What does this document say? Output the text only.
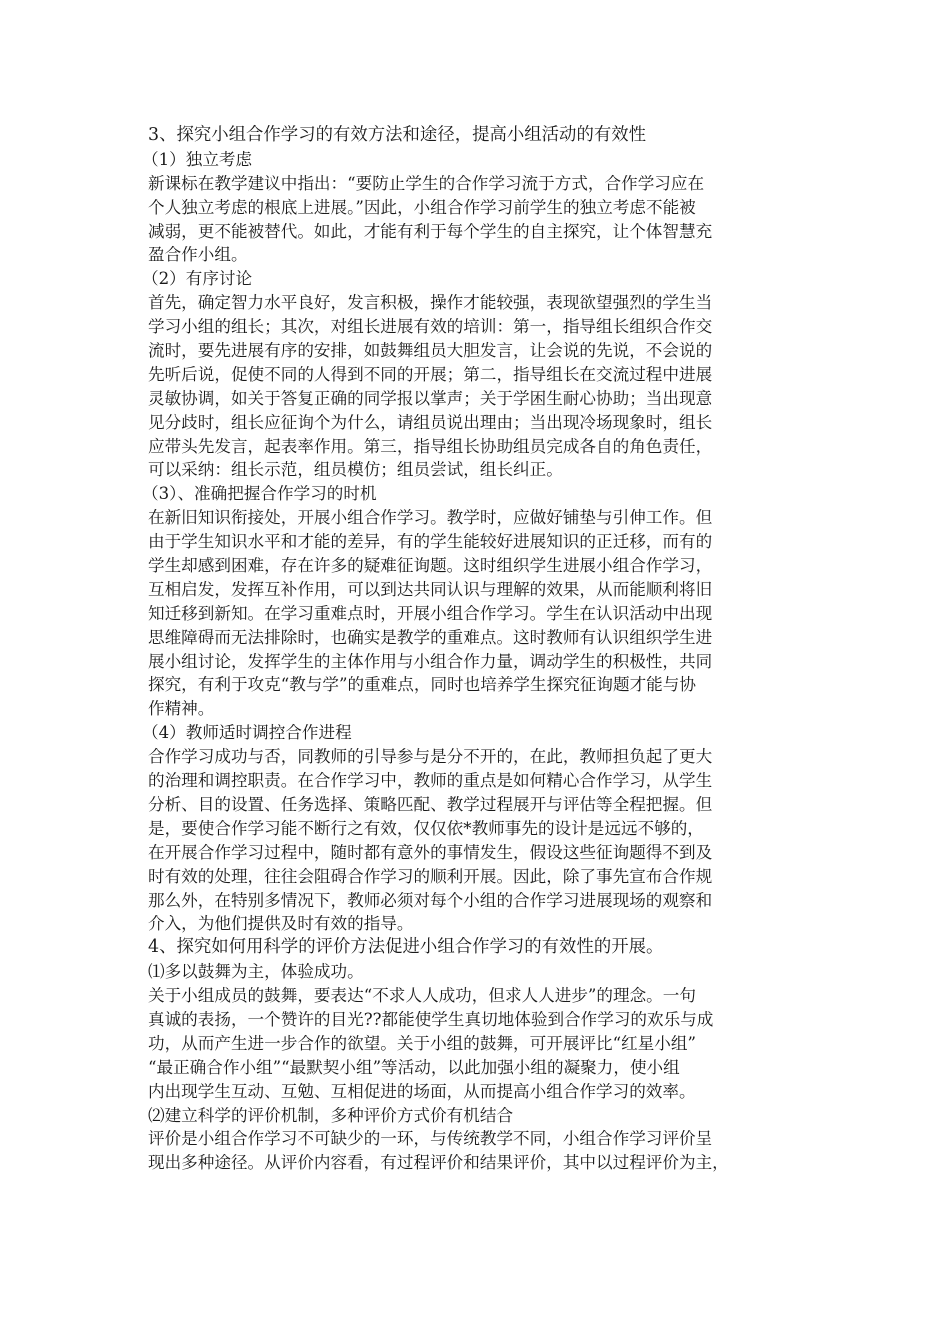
3、探究小组合作学习的有效方法和途径，提高小组活动的有效性
（1）独立考虑
新课标在教学建议中指出：“要防止学生的合作学习流于方式，合作学习应在
个人独立考虑的根底上进展。”因此，小组合作学习前学生的独立考虑不能被
减弱，更不能被替代。如此，才能有利于每个学生的自主探究，让个体智慧充
盈合作小组。
（2）有序讨论
首先，确定智力水平良好，发言积极，操作才能较强，表现欲望强烈的学生当
学习小组的组长；其次，对组长进展有效的培训：第一，指导组长组织合作交
流时，要先进展有序的安排，如鼓舞组员大胆发言，让会说的先说，不会说的
先听后说，促使不同的人得到不同的开展；第二，指导组长在交流过程中进展
灵敏协调，如关于答复正确的同学报以掌声；关于学困生耐心协助；当出现意
见分歧时，组长应征询个为什么，请组员说出理由；当出现冷场现象时，组长
应带头先发言，起表率作用。第三，指导组长协助组员完成各自的角色责任，
可以采纳：组长示范，组员模仿；组员尝试，组长纠正。
（3）、准确把握合作学习的时机
在新旧知识衔接处，开展小组合作学习。教学时，应做好铺垫与引伸工作。但
由于学生知识水平和才能的差异，有的学生能较好进展知识的正迁移，而有的
学生却感到困难，存在许多的疑难征询题。这时组织学生进展小组合作学习，
互相启发，发挥互补作用，可以到达共同认识与理解的效果，从而能顺利将旧
知迁移到新知。在学习重难点时，开展小组合作学习。学生在认识活动中出现
思维障碍而无法排除时，也确实是教学的重难点。这时教师有认识组织学生进
展小组讨论，发挥学生的主体作用与小组合作力量，调动学生的积极性，共同
探究，有利于攻克“教与学”的重难点，同时也培养学生探究征询题才能与协
作精神。
（4）教师适时调控合作进程
合作学习成功与否，同教师的引导参与是分不开的，在此，教师担负起了更大
的治理和调控职责。在合作学习中，教师的重点是如何精心合作学习，从学生
分析、目的设置、任务选择、策略匹配、教学过程展开与评估等全程把握。但
是，要使合作学习能不断行之有效，仅仅依*教师事先的设计是远远不够的，
在开展合作学习过程中，随时都有意外的事情发生，假设这些征询题得不到及
时有效的处理，往往会阻碍合作学习的顺利开展。因此，除了事先宣布合作规
那么外，在特别多情况下，教师必须对每个小组的合作学习进展现场的观察和
介入，为他们提供及时有效的指导。
4、探究如何用科学的评价方法促进小组合作学习的有效性的开展。
⑴多以鼓舞为主，体验成功。
关于小组成员的鼓舞，要表达“不求人人成功，但求人人进步”的理念。一句
真诚的表扬，一个赞许的目光??都能使学生真切地体验到合作学习的欢乐与成
功，从而产生进一步合作的欲望。关于小组的鼓舞，可开展评比“红星小组”
“最正确合作小组”“最默契小组”等活动，以此加强小组的凝聚力，使小组
内出现学生互动、互勉、互相促进的场面，从而提高小组合作学习的效率。
⑵建立科学的评价机制，多种评价方式价有机结合
评价是小组合作学习不可缺少的一环，与传统教学不同，小组合作学习评价呈
现出多种途径。从评价内容看，有过程评价和结果评价，其中以过程评价为主，
